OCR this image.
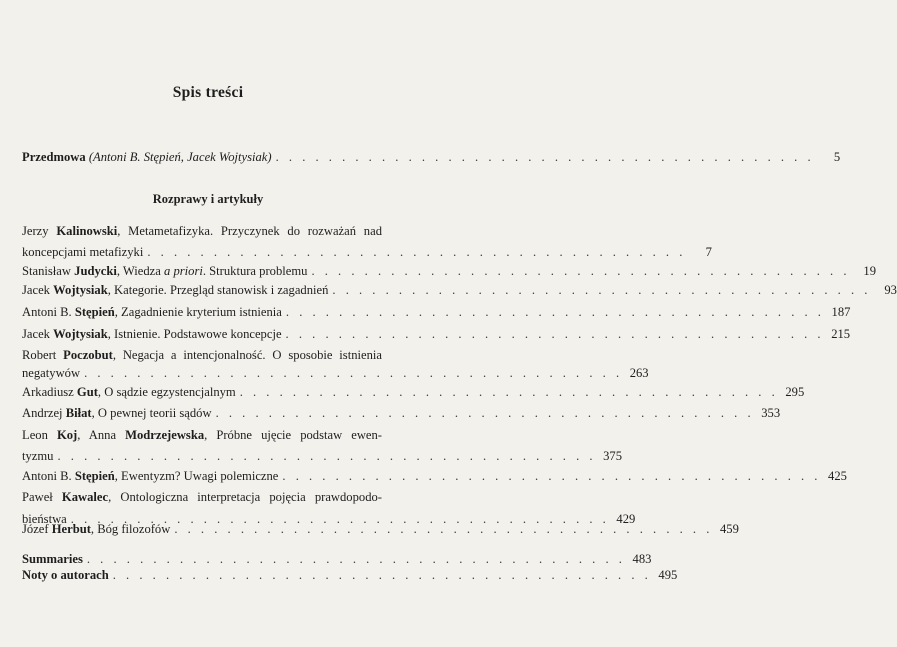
Spis treści
Przedmowa (Antoni B. Stępień, Jacek Wojtysiak) . . . . . . . . . . . . . . . . . . . . . . . . . . . . . . . . . . . . . . . . .	5
Rozprawy i artykuły
Jerzy Kalinowski, Metametafizyka. Przyczynek do rozważań nad
koncepcjami metafizyki . . . . . . . . . . . . . . . . . . . . . . . . . . . . . . . . . . . . . . . . .	7
Stanisław Judycki, Wiedza a priori. Struktura problemu . . . . . . . . . . . . . . . . . . . . . . . . . . . . . . . . . . . . . . . . .	19
Jacek Wojtysiak, Kategorie. Przegląd stanowisk i zagadnień . . . . . . . . . . . . . . . . . . . . . . . . . . . . . . . . . . . . . . . . .	93
Antoni B. Stępień, Zagadnienie kryterium istnienia . . . . . . . . . . . . . . . . . . . . . . . . . . . . . . . . . . . . . . . . . 187
Jacek Wojtysiak, Istnienie. Podstawowe koncepcje . . . . . . . . . . . . . . . . . . . . . . . . . . . . . . . . . . . . . . . . . 215
Robert Poczobut, Negacja a intencjonalność. O sposobie istnienia
negatywów . . . . . . . . . . . . . . . . . . . . . . . . . . . . . . . . . . . . . . . . . 263
Arkadiusz Gut, O sądzie egzystencjalnym . . . . . . . . . . . . . . . . . . . . . . . . . . . . . . . . . . . . . . . . . 295
Andrzej Biłat, O pewnej teorii sądów . . . . . . . . . . . . . . . . . . . . . . . . . . . . . . . . . . . . . . . . . 353
Leon Koj, Anna Modrzejewska, Próbne ujęcie podstaw ewen-
tyzmu . . . . . . . . . . . . . . . . . . . . . . . . . . . . . . . . . . . . . . . . . 375
Antoni B. Stępień, Ewentyzm? Uwagi polemiczne . . . . . . . . . . . . . . . . . . . . . . . . . . . . . . . . . . . . . . . . . 425
Paweł Kawalec, Ontologiczna interpretacja pojęcia prawdopodo-
bieństwa . . . . . . . . . . . . . . . . . . . . . . . . . . . . . . . . . . . . . . . . . 429
Józef Herbut, Bóg filozofów . . . . . . . . . . . . . . . . . . . . . . . . . . . . . . . . . . . . . . . . . 459
Summaries . . . . . . . . . . . . . . . . . . . . . . . . . . . . . . . . . . . . . . . . . 483
Noty o autorach . . . . . . . . . . . . . . . . . . . . . . . . . . . . . . . . . . . . . . . . . 495
